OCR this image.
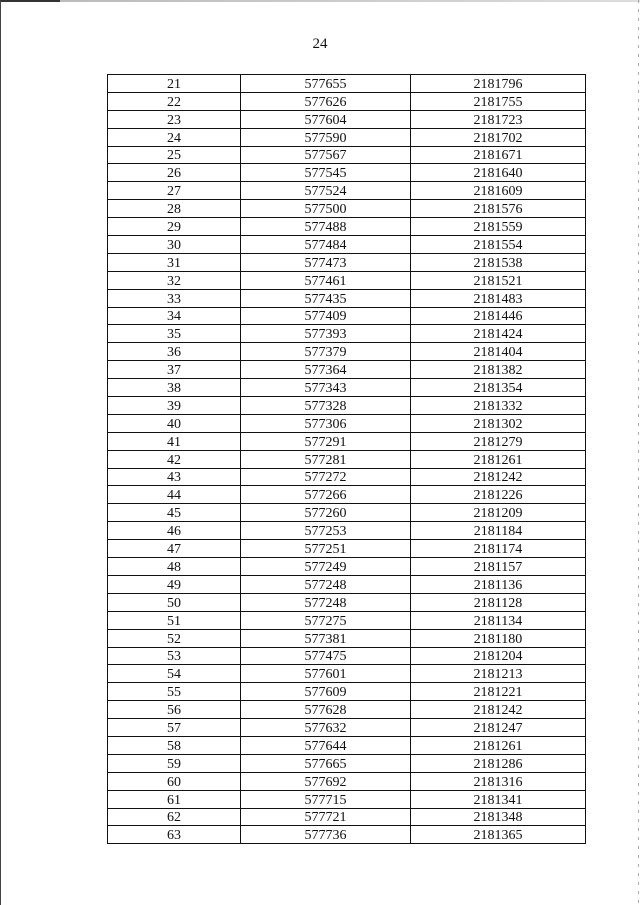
24
21	577655	2181796
22	577626	2181755
23	577604	2181723
24	577590	2181702
25	577567	2181671
26	577545	2181640
27	577524	2181609
28	577500	2181576
29	577488	2181559
30	577484	2181554
31	577473	2181538
32	577461	2181521
33	577435	2181483
34	577409	2181446
35	577393	2181424
36	577379	2181404
37	577364	2181382
38	577343	2181354
39	577328	2181332
40	577306	2181302
41	577291	2181279
42	577281	2181261
43	577272	2181242
44	577266	2181226
45	577260	2181209
46	577253	2181184
47	577251	2181174
48	577249	2181157
49	577248	2181136
50	577248	2181128
51	577275	2181134
52	577381	2181180
53	577475	2181204
54	577601	2181213
55	577609	2181221
56	577628	2181242
57	577632	2181247
58	577644	2181261
59	577665	2181286
60	577692	2181316
61	577715	2181341
62	577721	2181348
63	577736	2181365
